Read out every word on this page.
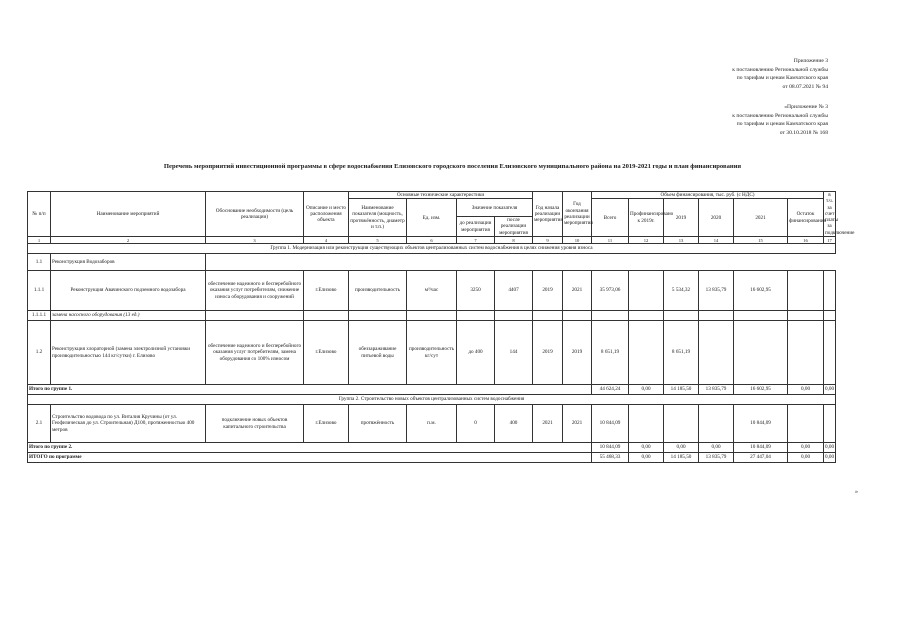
Приложение 3
к постановлению Региональной службы
по тарифам и ценам Камчатского края
от 08.07.2021 № 94
«Приложение № 3
к постановлению Региональной службы
по тарифам и ценам Камчатского края
от 30.10.2018 № 168
Перечень мероприятий инвестиционной программы в сфере водоснабжения Елизовского городского поселения Елизовского муниципального района на 2019-2021 годы и план финансирования
№ п/п	Наименование мероприятий	Обоснование необходимости (цель реализации)	Описание и место расположения объекта	Основные технические характеристики				Год начала реализации мероприятия	Год окончания реализации мероприятия	Объем финансирования, тыс. руб. (с НДС)						в т.ч. за счет платы за подключение
				Наименование показателя (мощность, протяжённость, диаметр и т.п.)	Ед. изм.	Значение показателя				Всего	Профинансировано к 2019г.	2019	2020	2021	Остаток финансирования	
						до реализации мероприятия	после реализации мероприятия									
1	2	3	4	5	6	7	8	9	10	11	12	13	14	15	16	17
Группа 1. Модернизация или реконструкция существующих объектов централизованных систем водоснабжения в целях снижения уровня износа																
1.1	Реконструкция Водозаборов															
1.1.1	Реконструкция Авачинского подземного водозабора	обеспечение надежного и бесперебойного оказания услуг потребителям, снижение износа оборудования и сооружений	г.Елизово	производительность	м³/час	3250	4407	2019	2021	35 973,06		5 534,32	13 835,79	16 602,95		
1.1.1.1	замена насосного оборудования (13 ед.)															
1.2	Реконструкция хлораторной (замена электролизной установки производительностью 144 кг/сутки) г. Елизово	обеспечение надежного и бесперебойного оказания услуг потребителям, замена оборудования со 100% износом	г.Елизово	обеззараживание питьевой воды	производительность кг/сут	до 400	144	2019	2019	8 651,19		8 651,19				
Итого по группе 1.										44 624,24	0,00	14 185,50	13 835,79	16 602,95	0,00	0,00
Группа 2. Строительство новых объектов централизованных систем водоснабжения																
2.1	Строительство водовода по ул. Виталия Кручины (от ул. Геофизическая до ул. Строительная) Д100, протяженностью 400 метров	подключение новых объектов капитального строительства	г.Елизово	протяжённость	п.м.	0	400	2021	2021	10 844,09				10 844,09		
Итого по группе 2.										10 844,09	0,00	0,00	0,00	10 844,09	0,00	0,00
ИТОГО по программе										55 468,33	0,00	14 185,50	13 835,79	27 447,04	0,00	0,00
»
